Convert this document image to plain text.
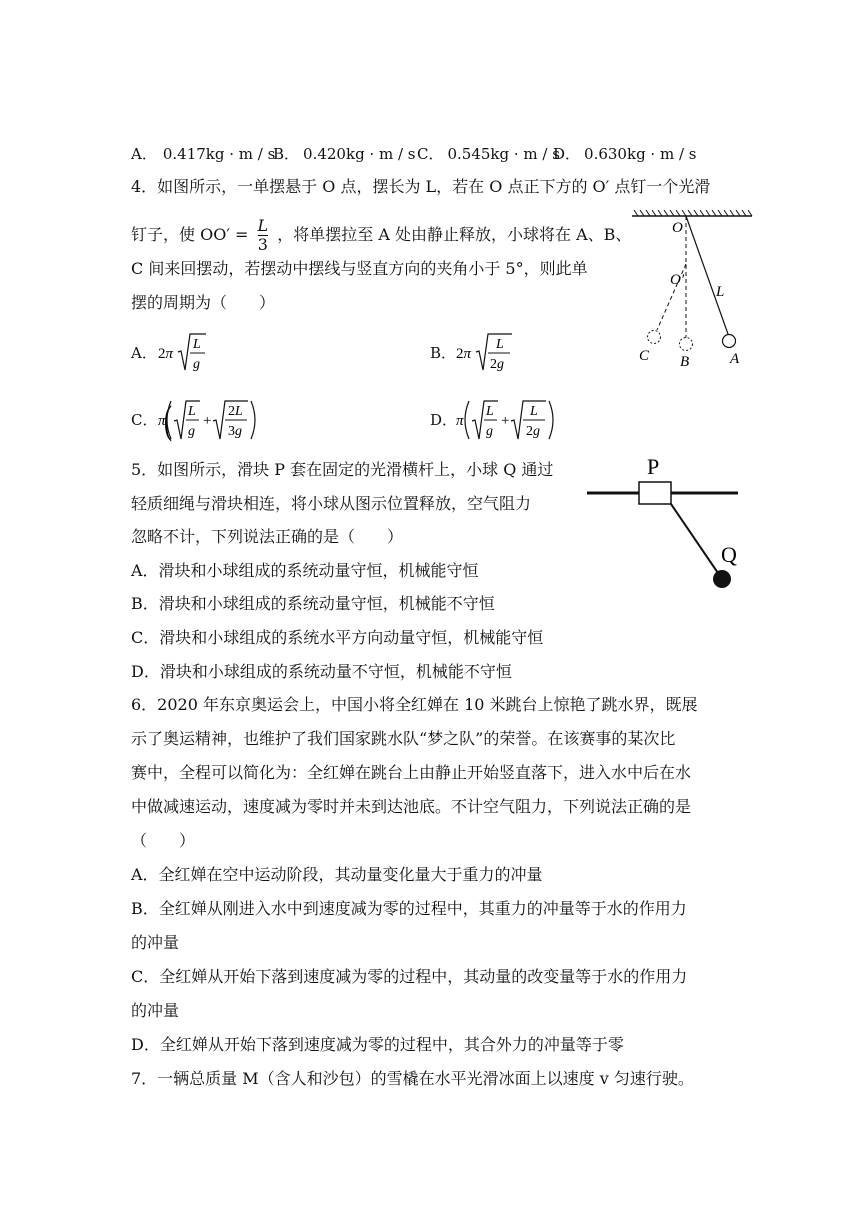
A． 0.417kg · m / s
B． 0.420kg · m / s C． 0.545kg · m / s
D． 0.630kg · m / s
4．如图所示，一单摆悬于 O 点，摆长为 L，若在 O 点正下方的 O′ 点钉一个光滑
钉子，使 $OO' = \frac{L}{3}$ ，将单摆拉至 A 处由静止释放，小球将在 A、B、
C 间来回摆动，若摆动中摆线与竖直方向的夹角小于 5°，则此单
摆的周期为（　　）
O
O′
L
A
B
C
A． 2π
L
g
B． 2π
L
2g
C． π
( L
g
+
2L
3g
D．
π
L
g
+
L
2g
5．如图所示，滑块 P 套在固定的光滑横杆上，小球 Q 通过
轻质细绳与滑块相连，将小球从图示位置释放，空气阻力
忽略不计，下列说法正确的是（　　）
A．滑块和小球组成的系统动量守恒，机械能守恒
B．滑块和小球组成的系统动量守恒，机械能不守恒
C．滑块和小球组成的系统水平方向动量守恒，机械能守恒
D．滑块和小球组成的系统动量不守恒，机械能不守恒
P
Q
6．2020 年东京奥运会上，中国小将全红婵在 10 米跳台上惊艳了跳水界，既展
示了奥运精神，也维护了我们国家跳水队“梦之队”的荣誉。在该赛事的某次比
赛中，全程可以简化为：全红婵在跳台上由静止开始竖直落下，进入水中后在水
中做减速运动，速度减为零时并未到达池底。不计空气阻力，下列说法正确的是
（　　）
A．全红婵在空中运动阶段，其动量变化量大于重力的冲量
B．全红婵从刚进入水中到速度减为零的过程中，其重力的冲量等于水的作用力
的冲量
C．全红婵从开始下落到速度减为零的过程中，其动量的改变量等于水的作用力
的冲量
D．全红婵从开始下落到速度减为零的过程中，其合外力的冲量等于零
7．一辆总质量 M（含人和沙包）的雪橇在水平光滑冰面上以速度 v 匀速行驶。
